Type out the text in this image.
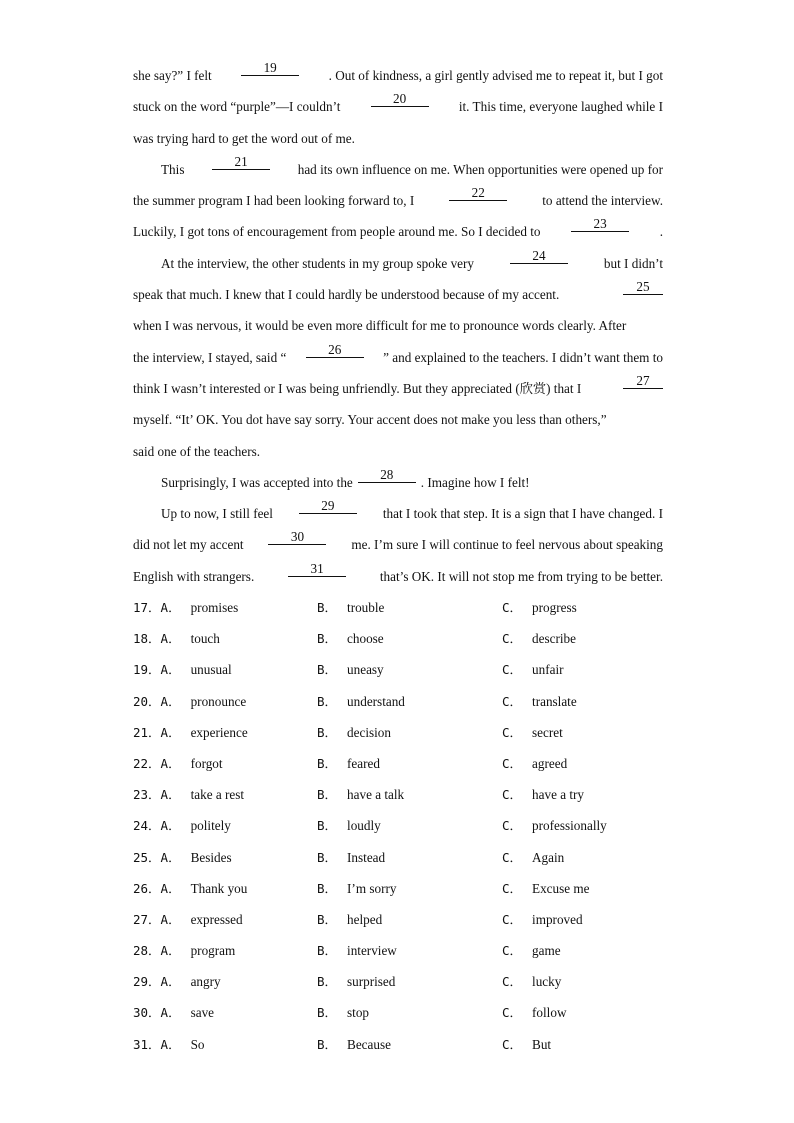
she say?” I felt
19
. Out of kindness, a girl gently advised me to repeat it, but I got
stuck on the word “purple”—I couldn’t
20
it. This time, everyone laughed while I
was trying hard to get the word out of me.
This
21
had its own influence on me. When opportunities were opened up for
the summer program I had been looking forward to, I
22
to attend the interview.
Luckily, I got tons of encouragement from people around me. So I decided to
23
.
At the interview, the other students in my group spoke very
24
but I didn’t
speak that much. I knew that I could hardly be understood because of my accent.
25
when I was nervous, it would be even more difficult for me to pronounce words clearly. After
the interview, I stayed, said “
26
” and explained to the teachers. I didn’t want them to
think I wasn’t interested or I was being unfriendly. But they appreciated (欣赏) that I
27
myself. “It’ OK. You dot have say sorry. Your accent does not make you less than others,”
said one of the teachers.
Surprisingly, I was accepted into the
28
. Imagine how I felt!
Up to now, I still feel
29
that I took that step. It is a sign that I have changed. I
did not let my accent
30
me. I’m sure I will continue to feel nervous about speaking
English with strangers.
31
that’s OK. It will not stop me from trying to be better.
17．A． promises	B． trouble	C． progress
18．A． touch	B． choose	C． describe
19．A． unusual	B． uneasy	C． unfair
20．A． pronounce	B． understand	C． translate
21．A． experience	B． decision	C． secret
22．A． forgot	B． feared	C． agreed
23．A． take a rest	B． have a talk	C． have a try
24．A． politely	B． loudly	C． professionally
25．A． Besides	B． Instead	C． Again
26．A． Thank you	B． I’m sorry	C． Excuse me
27．A． expressed	B． helped	C． improved
28．A． program	B． interview	C． game
29．A． angry	B． surprised	C． lucky
30．A． save	B． stop	C． follow
31．A． So	B． Because	C． But
